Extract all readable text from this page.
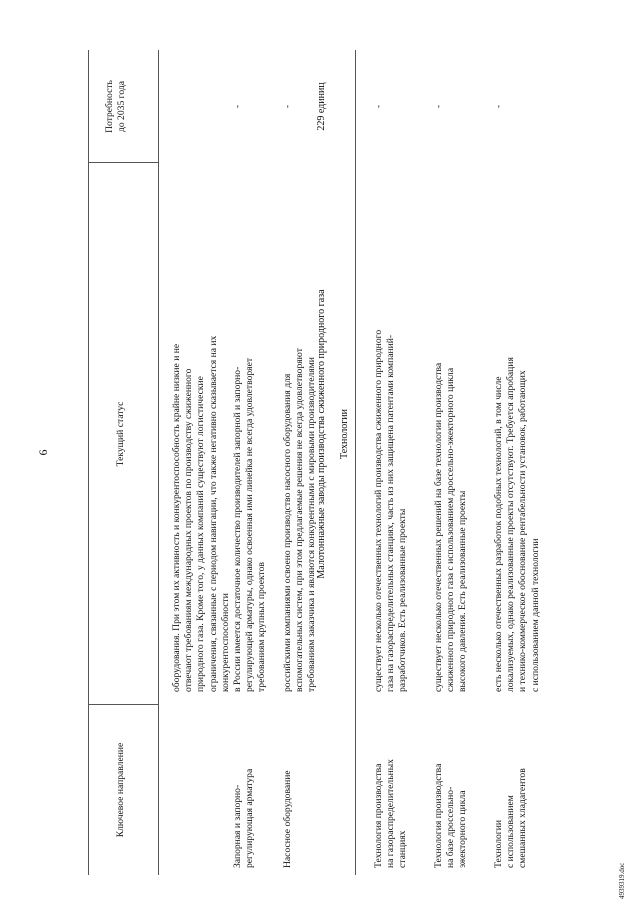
6
Ключевое направление
Текущий статус
Потребность
до 2035 года
оборудования. При этом их активность и конкурентоспособность крайне низкие и не
отвечают требованиям международных проектов по производству сжиженного
природного газа. Кроме того, у данных компаний существуют логистические
ограничения, связанные с периодом навигации, что также негативно сказывается на их
конкурентоспособности
Запорная и запорно-
регулирующая арматура
в России имеется достаточное количество производителей запорной и запорно-
регулирующей арматуры, однако освоенная ими линейка не всегда удовлетворяет
требованиям крупных проектов
-
Насосное оборудование
российскими компаниями освоено производство насосного оборудования для
вспомогательных систем, при этом предлагаемые решения не всегда удовлетворяют
требованиям заказчика и являются конкурентными с мировыми производителями
-
Малотоннажные заводы производства сжиженного природного газа
229 единиц
Технологии
Технология производства
на газораспределительных
станциях
существует несколько отечественных технологий производства сжиженного природного
газа на газораспределительных станциях, часть из них защищена патентами компаний-
разработчиков. Есть реализованные проекты
-
Технология производства
на базе дроссельно-
эжекторного цикла
существует несколько отечественных решений на базе технологии производства
сжиженного природного газа с использованием дроссельно-эжекторного цикла
высокого давления. Есть реализованные проекты
-
Технологии
с использованием
смешанных хладагентов
есть несколько отечественных разработок подобных технологий, в том числе
локализуемых, однако реализованные проекты отсутствуют. Требуется апробация
и технико-коммерческое обоснование рентабельности установок, работающих
с использованием данной технологии
-
4939319.doc
